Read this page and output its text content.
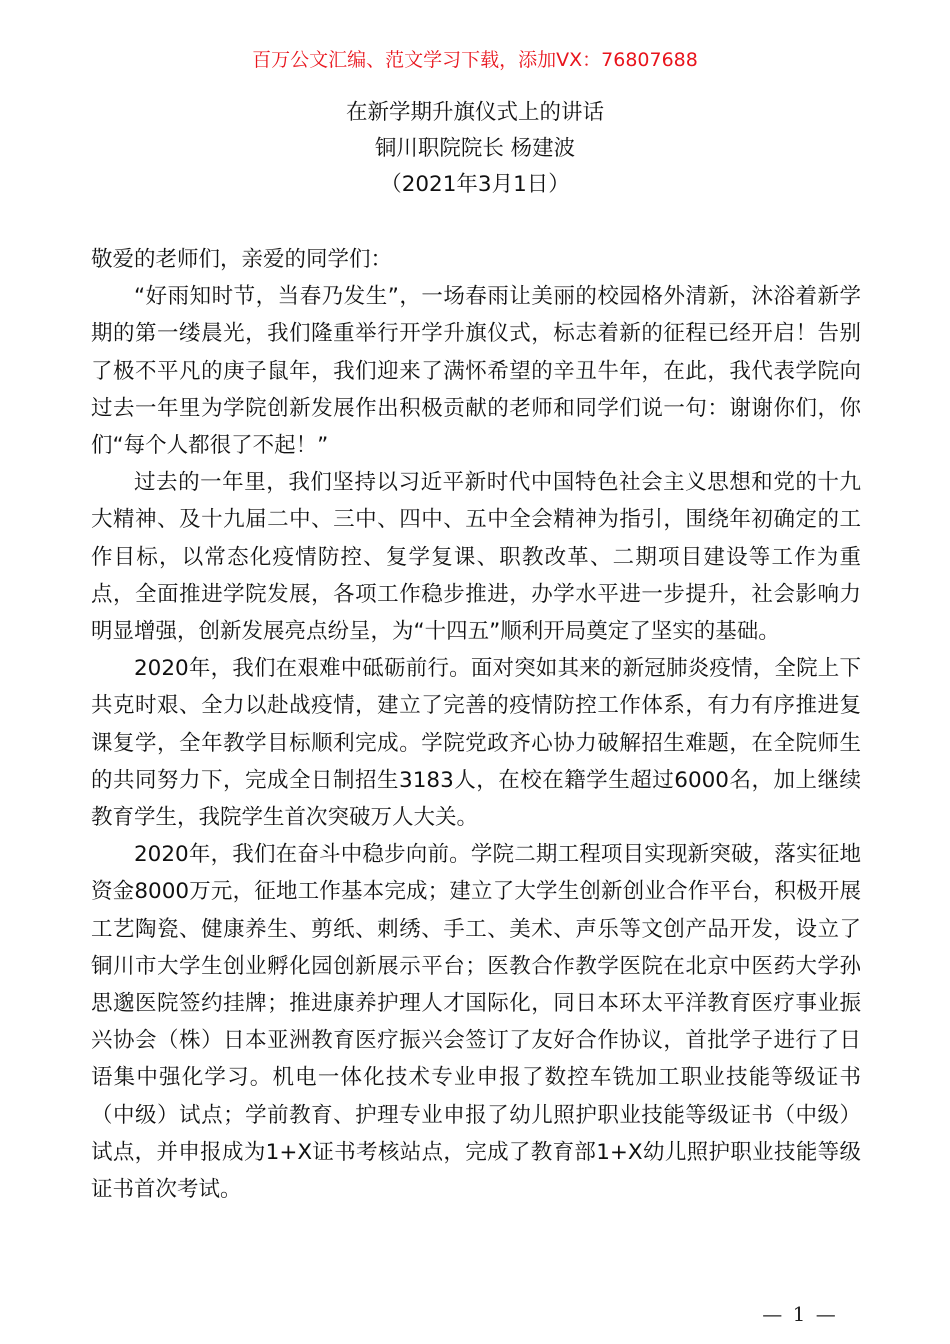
百万公文汇编、范文学习下载，添加VX：76807688
在新学期升旗仪式上的讲话
铜川职院院长 杨建波
（2021年3月1日）

敬爱的老师们，亲爱的同学们：

“好雨知时节，当春乃发生”，一场春雨让美丽的校园格外清新，沐浴着新学期的第一缕晨光，我们隆重举行开学升旗仪式，标志着新的征程已经开启！告别了极不平凡的庚子鼠年，我们迎来了满怀希望的辛丑牛年，在此，我代表学院向过去一年里为学院创新发展作出积极贡献的老师和同学们说一句：谢谢你们，你们“每个人都很了不起！”

过去的一年里，我们坚持以习近平新时代中国特色社会主义思想和党的十九大精神、及十九届二中、三中、四中、五中全会精神为指引，围绕年初确定的工作目标，以常态化疫情防控、复学复课、职教改革、二期项目建设等工作为重点，全面推进学院发展，各项工作稳步推进，办学水平进一步提升，社会影响力明显增强，创新发展亮点纷呈，为“十四五”顺利开局奠定了坚实的基础。

2020年，我们在艰难中砥砺前行。面对突如其来的新冠肺炎疫情，全院上下共克时艰、全力以赴战疫情，建立了完善的疫情防控工作体系，有力有序推进复课复学，全年教学目标顺利完成。学院党政齐心协力破解招生难题，在全院师生的共同努力下，完成全日制招生3183人，在校在籍学生超过6000名，加上继续教育学生，我院学生首次突破万人大关。

2020年，我们在奋斗中稳步向前。学院二期工程项目实现新突破，落实征地资金8000万元，征地工作基本完成；建立了大学生创新创业合作平台，积极开展工艺陶瓷、健康养生、剪纸、刺绣、手工、美术、声乐等文创产品开发，设立了铜川市大学生创业孵化园创新展示平台；医教合作教学医院在北京中医药大学孙思邈医院签约挂牌；推进康养护理人才国际化，同日本环太平洋教育医疗事业振兴协会（株）日本亚洲教育医疗振兴会签订了友好合作协议，首批学子进行了日语集中强化学习。机电一体化技术专业申报了数控车铣加工职业技能等级证书（中级）试点；学前教育、护理专业申报了幼儿照护职业技能等级证书（中级）试点，并申报成为1+X证书考核站点，完成了教育部1+X幼儿照护职业技能等级证书首次考试。

— 1 —
